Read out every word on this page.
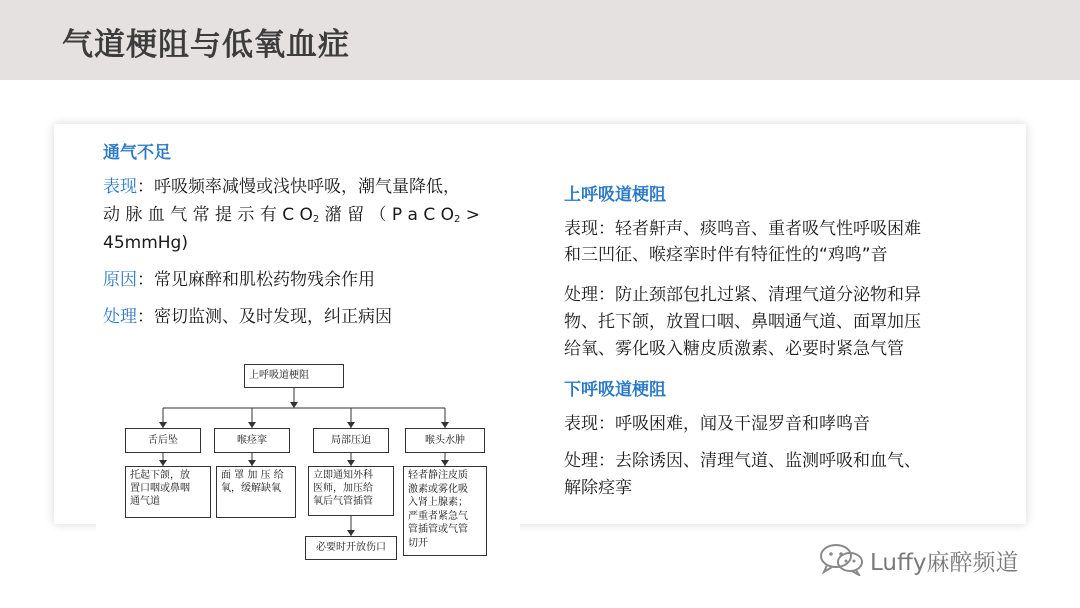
气道梗阻与低氧血症
通气不足
表现：呼吸频率减慢或浅快呼吸，潮气量降低，
动 脉 血 气 常 提 示 有 C $O_2$ 潴 留 （ P a C $O_2$ >
45mmHg)
原因：常见麻醉和肌松药物残余作用
处理：密切监测、及时发现，纠正病因
上呼吸道梗阻
舌后坠	喉痉挛	局部压迫	喉头水肿
托起下颌，放
置口咽或鼻咽
通气道
面 罩 加 压 给
氧，缓解缺氧
立即通知外科
医师，加压给
氧后气管插管
轻者静注皮质
激素或雾化吸
入肾上腺素；
严重者紧急气
管插管或气管
切开
必要时开放伤口
上呼吸道梗阻
表现：轻者鼾声、痰鸣音、重者吸气性呼吸困难
和三凹征、喉痉挛时伴有特征性的“鸡鸣”音
处理：防止颈部包扎过紧、清理气道分泌物和异
物、托下颌，放置口咽、鼻咽通气道、面罩加压
给氧、雾化吸入糖皮质激素、必要时紧急气管
下呼吸道梗阻
表现：呼吸困难，闻及干湿罗音和哮鸣音
处理：去除诱因、清理气道、监测呼吸和血气、
解除痉挛
Luffy麻醉频道
